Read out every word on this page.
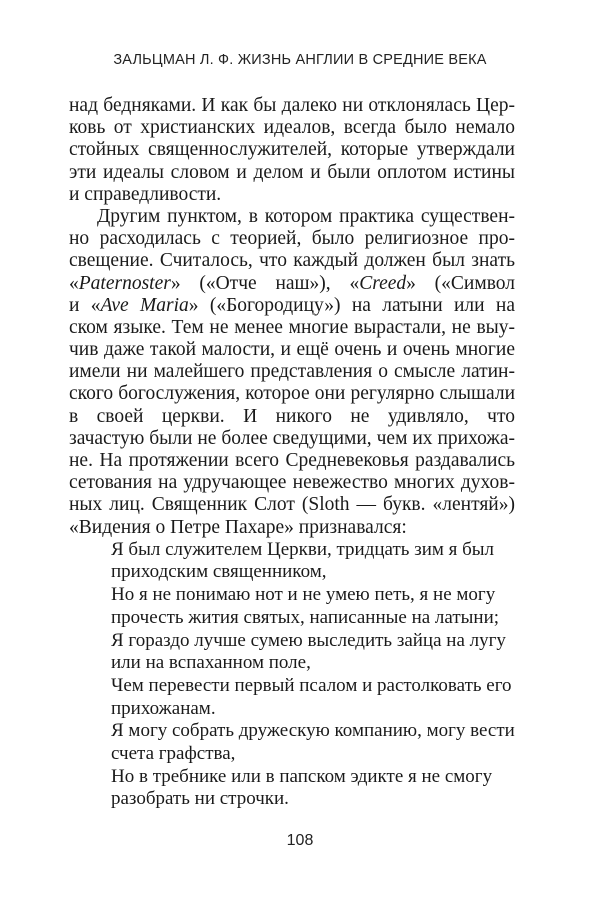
ЗАЛЬЦМАН Л. Ф. ЖИЗНЬ АНГЛИИ В СРЕДНИЕ ВЕКА
над бедняками. И как бы далеко ни отклонялась Цер-
ковь от христианских идеалов, всегда было немало
стойных священнослужителей, которые утверждали
эти идеалы словом и делом и были оплотом истины
и справедливости.
Другим пунктом, в котором практика существен-
но расходилась с теорией, было религиозное про-
свещение. Считалось, что каждый должен был знать
«Paternoster» («Отче наш»), «Creed» («Символ
и «Ave Maria» («Богородицу») на латыни или на
ском языке. Тем не менее многие вырастали, не выу-
чив даже такой малости, и ещё очень и очень многие
имели ни малейшего представления о смысле латин-
ского богослужения, которое они регулярно слышали
в своей церкви. И никого не удивляло, что
зачастую были не более сведущими, чем их прихожа-
не. На протяжении всего Средневековья раздавались
сетования на удручающее невежество многих духов-
ных лиц. Священник Слот (Sloth — букв. «лентяй»)
«Видения о Петре Пахаре» признавался:
Я был служителем Церкви, тридцать зим я был
приходским священником,
Но я не понимаю нот и не умею петь, я не могу
прочесть жития святых, написанные на латыни;
Я гораздо лучше сумею выследить зайца на лугу
или на вспаханном поле,
Чем перевести первый псалом и растолковать его
прихожанам.
Я могу собрать дружескую компанию, могу вести
счета графства,
Но в требнике или в папском эдикте я не смогу
разобрать ни строчки.
108
